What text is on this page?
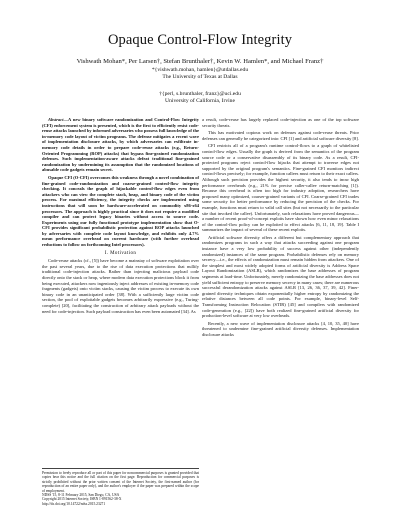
Opaque Control-Flow Integrity
Vishwath Mohan*, Per Larsen†, Stefan Brunthaler†, Kevin W. Hamlen*, and Michael Franz†
*{vishwath.mohan, hamlen}@utdallas.edu
The University of Texas at Dallas
†{perl, s.brunthaler, franz}@uci.edu
University of California, Irvine

Abstract—A new binary software randomization and Control-Flow Integrity (CFI) enforcement system is presented, which is the first to efficiently resist code-reuse attacks launched by informed adversaries who possess full knowledge of the in-memory code layout of victim programs. The defense mitigates a recent wave of implementation disclosure attacks, by which adversaries can exfiltrate in-memory code details in order to prepare code-reuse attacks (e.g., Return-Oriented Programming (ROP) attacks) that bypass fine-grained randomization defenses. Such implementation-aware attacks defeat traditional fine-grained randomization by undermining its assumption that the randomized locations of abusable code gadgets remain secret.

Opaque CFI (O-CFI) overcomes this weakness through a novel combination of fine-grained code-randomization and coarse-grained control-flow integrity checking. It conceals the graph of hijackable control-flow edges even from attackers who can view the complete stack, heap, and binary code of the victim process. For maximal efficiency, the integrity checks are implemented using instructions that will soon be hardware-accelerated on commodity x86-x64 processors. The approach is highly practical since it does not require a modified compiler and can protect legacy binaries without access to source code. Experiments using our fully functional prototype implementation show that O-CFI provides significant probabilistic protection against ROP attacks launched by adversaries with complete code layout knowledge, and exhibits only 4.7% mean performance overhead on current hardware (with further overhead reductions to follow on forthcoming Intel processors).

I. Motivation

Code-reuse attacks (cf., [5]) have become a mainstay of software exploitation over the past several years, due to the rise of data execution protections that nullify traditional code-injection attacks. Rather than injecting malicious payload code directly onto the stack or heap, where modern data execution protections block it from being executed, attackers now ingeniously inject addresses of existing in-memory code fragments (gadgets) onto victim stacks, causing the victim process to execute its own binary code in an unanticipated order [38]. With a sufficiently large victim code section, the pool of exploitable gadgets becomes arbitrarily expressive (e.g., Turing-complete) [20], facilitating the construction of arbitrary attack payloads without the need for code-injection. Such payload construction has even been automated [34]. As

Permission to freely reproduce all or part of this paper for noncommercial purposes is granted provided that copies bear this notice and the full citation on the first page. Reproduction for commercial purposes is strictly prohibited without the prior written consent of the Internet Society, the first-named author (for reproduction of an entire paper only), and the author's employer if the paper was prepared within the scope of employment.
NDSS '15, 8-11 February 2015, San Diego, CA, USA
Copyright 2015 Internet Society, ISBN 1-891562-38-X
http://dx.doi.org/10.14722/ndss.2015.23271

a result, code-reuse has largely replaced code-injection as one of the top software security threats.

This has motivated copious work on defenses against code-reuse threats. Prior defenses can generally be categorized into: CFI [1] and artificial software diversity [8].

CFI restricts all of a program's runtime control-flows to a graph of whitelisted control-flow edges. Usually the graph is derived from the semantics of the program source code or a conservative disassembly of its binary code. As a result, CFI-protected programs reject control-flow hijacks that attempt to traverse edges not supported by the original program's semantics. Fine-grained CFI monitors indirect control-flows precisely; for example, function callees must return to their exact callers. Although such precision provides the highest security, it also tends to incur high performance overheads (e.g., 21% for precise caller-callee return-matching [1]). Because this overhead is often too high for industry adoption, researchers have proposed many optimized, coarser-grained variants of CFI. Coarse-grained CFI trades some security for better performance by reducing the precision of the checks. For example, functions must return to valid call sites (but not necessarily to the particular site that invoked the callee). Unfortunately, such relaxations have proved dangerous—a number of recent proof-of-concept exploits have shown how even minor relaxations of the control-flow policy can be exploited to effect attacks [6, 11, 18, 19]. Table I summarizes the impact of several of these recent exploits.

Artificial software diversity offers a different but complementary approach that randomizes programs in such a way that attacks succeeding against one program instance have a very low probability of success against other (independently randomized) instances of the same program. Probabilistic defenses rely on memory secrecy—i.e., the effects of randomization must remain hidden from attackers. One of the simplest and most widely adopted forms of artificial diversity is Address Space Layout Randomization (ASLR), which randomizes the base addresses of program segments at load-time. Unfortunately, merely randomizing the base addresses does not yield sufficient entropy to preserve memory secrecy in many cases; there are numerous successful derandomization attacks against ASLR [13, 26, 36, 37, 39, 42]. Finer-grained diversity techniques obtain exponentially higher entropy by randomizing the relative distances between all code points. For example, binary-level Self-Transforming Instruction Relocation (STIR) [45] and compilers with randomized code-generation (e.g., [22]) have both realized fine-grained artificial diversity for production-level software at very low overheads.

Recently, a new wave of implementation disclosure attacks [4, 10, 35, 40] have threatened to undermine fine-grained artificial diversity defenses. Implementation disclosure attacks
